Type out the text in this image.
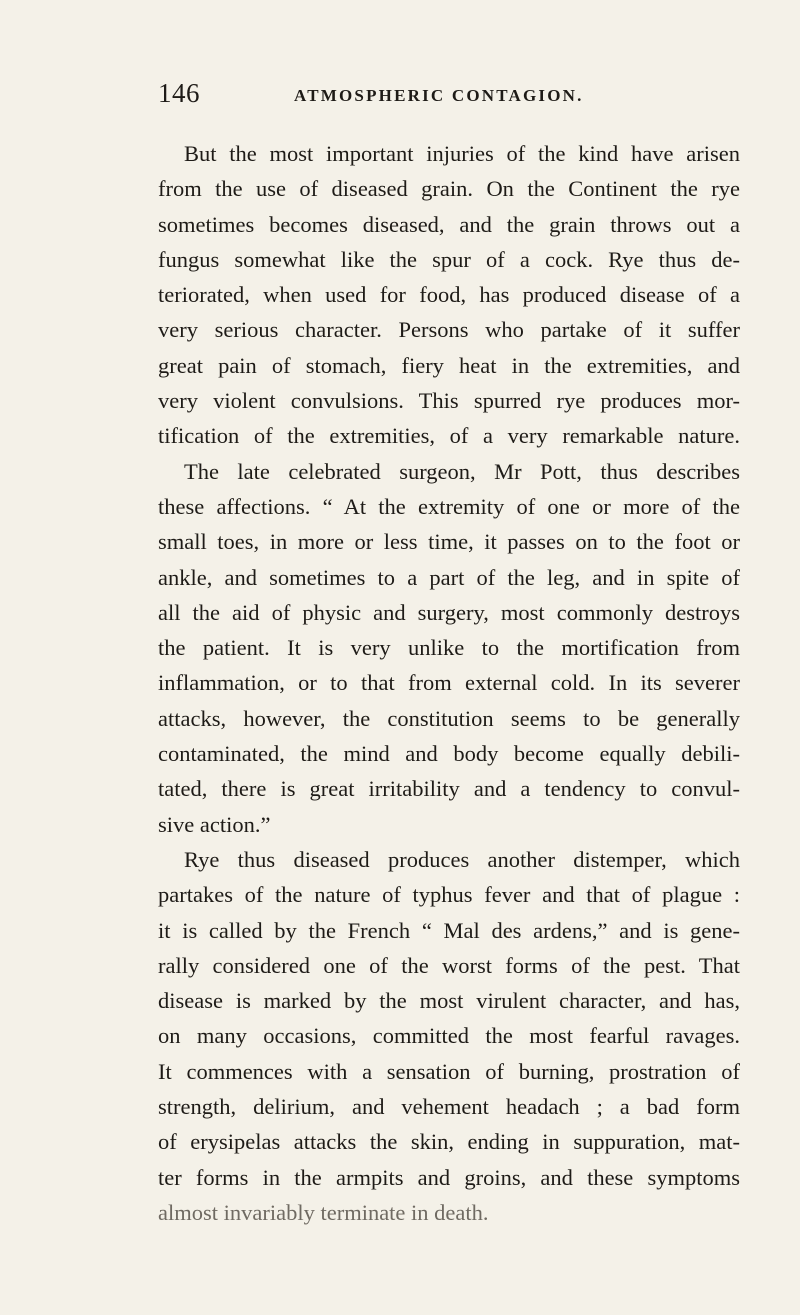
146	ATMOSPHERIC CONTAGION.
But the most important injuries of the kind have arisen
from the use of diseased grain. On the Continent the rye
sometimes becomes diseased, and the grain throws out a
fungus somewhat like the spur of a cock. Rye thus de-
teriorated, when used for food, has produced disease of a
very serious character. Persons who partake of it suffer
great pain of stomach, fiery heat in the extremities, and
very violent convulsions. This spurred rye produces mor-
tification of the extremities, of a very remarkable nature.
The late celebrated surgeon, Mr Pott, thus describes
these affections. “ At the extremity of one or more of the
small toes, in more or less time, it passes on to the foot or
ankle, and sometimes to a part of the leg, and in spite of
all the aid of physic and surgery, most commonly destroys
the patient. It is very unlike to the mortification from
inflammation, or to that from external cold. In its severer
attacks, however, the constitution seems to be generally
contaminated, the mind and body become equally debili-
tated, there is great irritability and a tendency to convul-
sive action.”
Rye thus diseased produces another distemper, which
partakes of the nature of typhus fever and that of plague :
it is called by the French “ Mal des ardens,” and is gene-
rally considered one of the worst forms of the pest. That
disease is marked by the most virulent character, and has,
on many occasions, committed the most fearful ravages.
It commences with a sensation of burning, prostration of
strength, delirium, and vehement headach ; a bad form
of erysipelas attacks the skin, ending in suppuration, mat-
ter forms in the armpits and groins, and these symptoms
almost invariably terminate in death.
